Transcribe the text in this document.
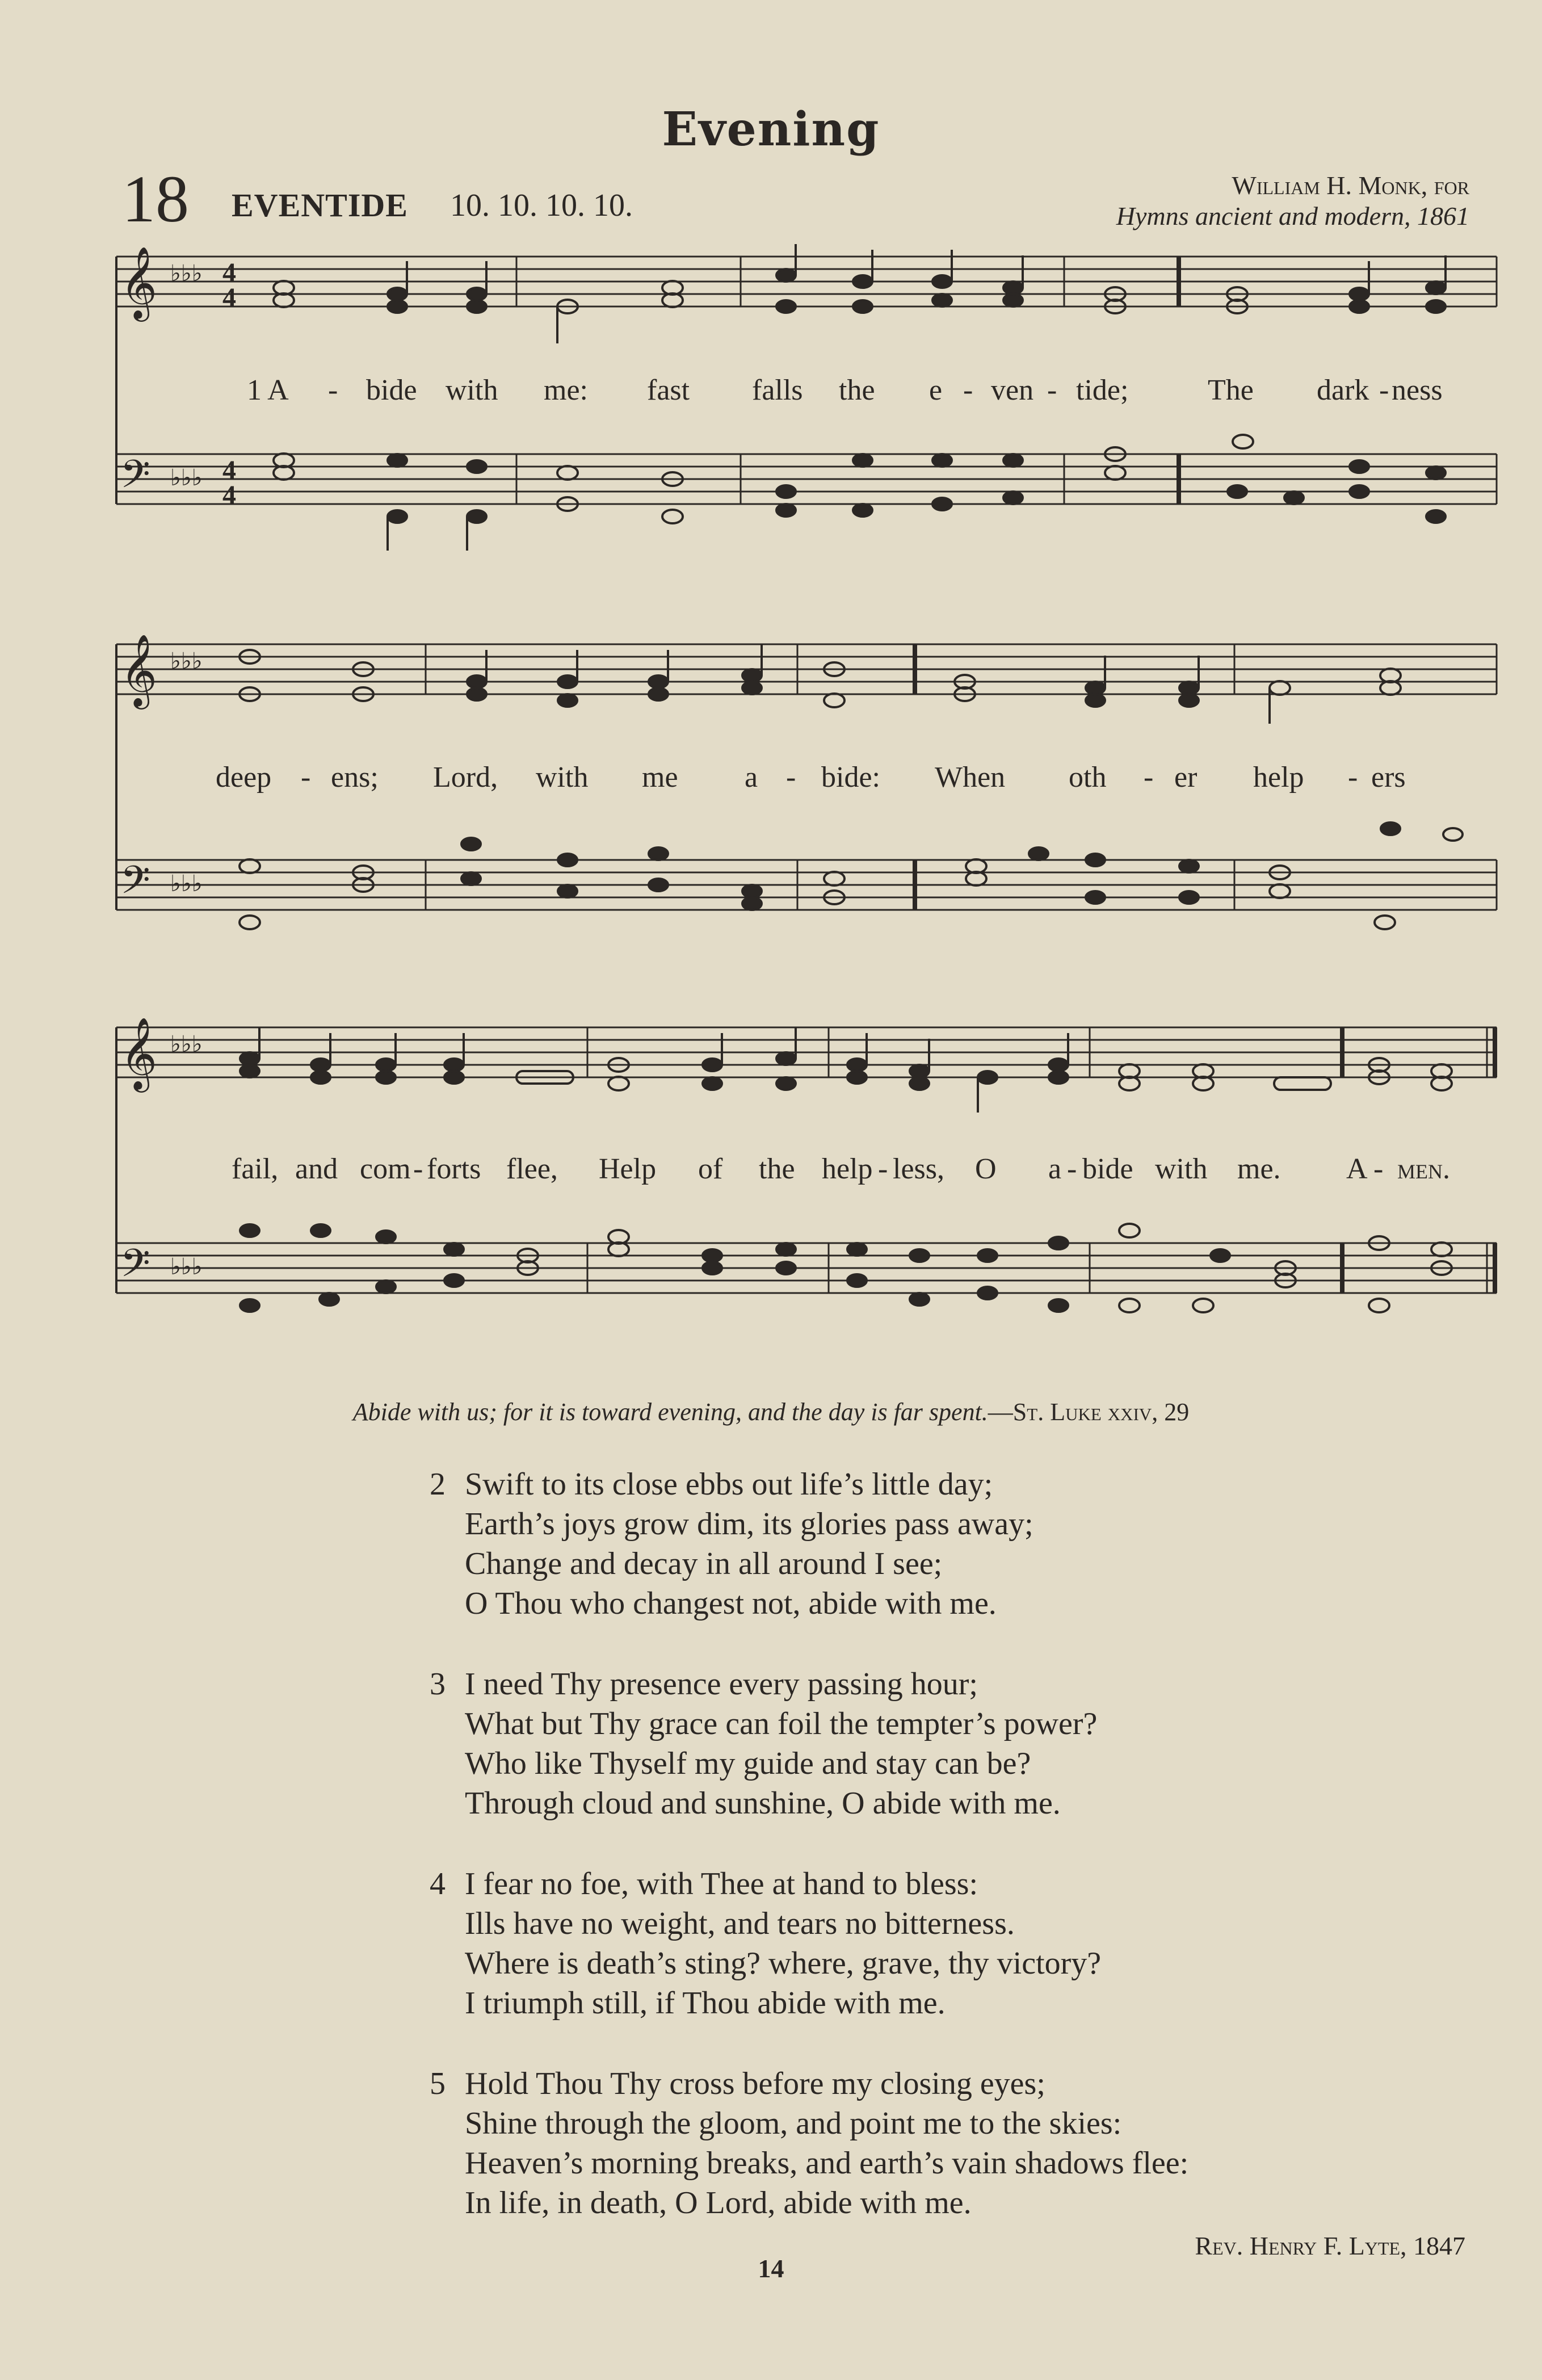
Evening
18 EVENTIDE 10. 10. 10. 10.
William H. Monk, for
Hymns ancient and modern, 1861
𝄞
𝄢
♭♭♭
♭♭♭
4
4
4
4
1 A - bide with me: fast falls the e - ven - tide;	The dark - ness
𝄞
𝄢
♭♭♭
♭♭♭
deep - ens; Lord, with me a - bide: When oth - er help - ers
𝄞
𝄢
♭♭♭
♭♭♭
fail, and com - forts flee, Help of the help - less, O a - bide with me. A - men.
Abide with us; for it is toward evening, and the day is far spent.—St. Luke xxiv, 29
2 Swift to its close ebbs out life’s little day;
Earth’s joys grow dim, its glories pass away;
Change and decay in all around I see;
O Thou who changest not, abide with me.
3 I need Thy presence every passing hour;
What but Thy grace can foil the tempter’s power?
Who like Thyself my guide and stay can be?
Through cloud and sunshine, O abide with me.
4 I fear no foe, with Thee at hand to bless:
Ills have no weight, and tears no bitterness.
Where is death’s sting? where, grave, thy victory?
I triumph still, if Thou abide with me.
5 Hold Thou Thy cross before my closing eyes;
Shine through the gloom, and point me to the skies:
Heaven’s morning breaks, and earth’s vain shadows flee:
In life, in death, O Lord, abide with me.
Rev. Henry F. Lyte, 1847
14
